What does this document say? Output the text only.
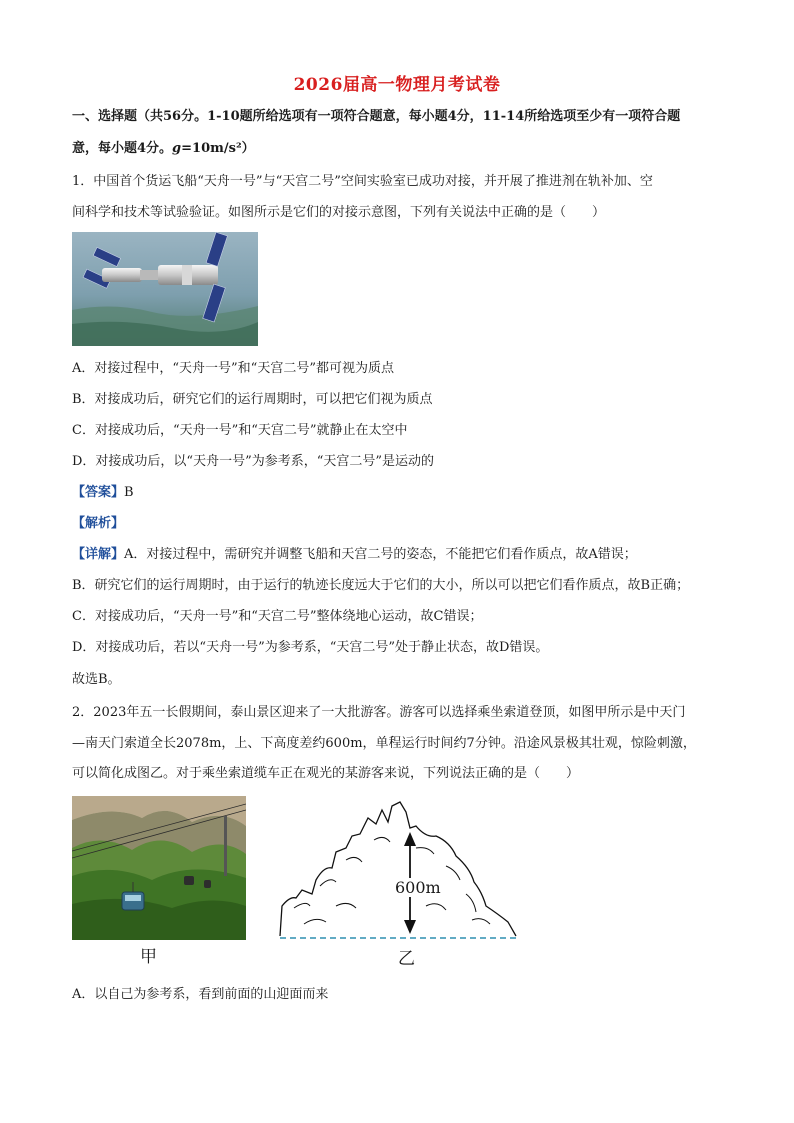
2026届高一物理月考试卷
一、选择题（共56分。1-10题所给选项有一项符合题意，每小题4分，11-14所给选项至少有一项符合题
意，每小题4分。g=10m/s²）
1．中国首个货运飞船“天舟一号”与“天宫二号”空间实验室已成功对接，并开展了推进剂在轨补加、空
间科学和技术等试验验证。如图所示是它们的对接示意图，下列有关说法中正确的是（　　）
A．对接过程中，“天舟一号”和“天宫二号”都可视为质点
B．对接成功后，研究它们的运行周期时，可以把它们视为质点
C．对接成功后，“天舟一号”和“天宫二号”就静止在太空中
D．对接成功后，以“天舟一号”为参考系，“天宫二号”是运动的
【答案】B
【解析】
【详解】A．对接过程中，需研究并调整飞船和天宫二号的姿态，不能把它们看作质点，故A错误；
B．研究它们的运行周期时，由于运行的轨迹长度远大于它们的大小，所以可以把它们看作质点，故B正确；
C．对接成功后，“天舟一号”和“天宫二号”整体绕地心运动，故C错误；
D．对接成功后，若以“天舟一号”为参考系，“天宫二号”处于静止状态，故D错误。
故选B。
2．2023年五一长假期间，泰山景区迎来了一大批游客。游客可以选择乘坐索道登顶，如图甲所示是中天门
—南天门索道全长2078m，上、下高度差约600m，单程运行时间约7分钟。沿途风景极其壮观，惊险刺激，
可以简化成图乙。对于乘坐索道缆车正在观光的某游客来说，下列说法正确的是（　　）
甲
600m
乙
A．以自己为参考系，看到前面的山迎面而来
